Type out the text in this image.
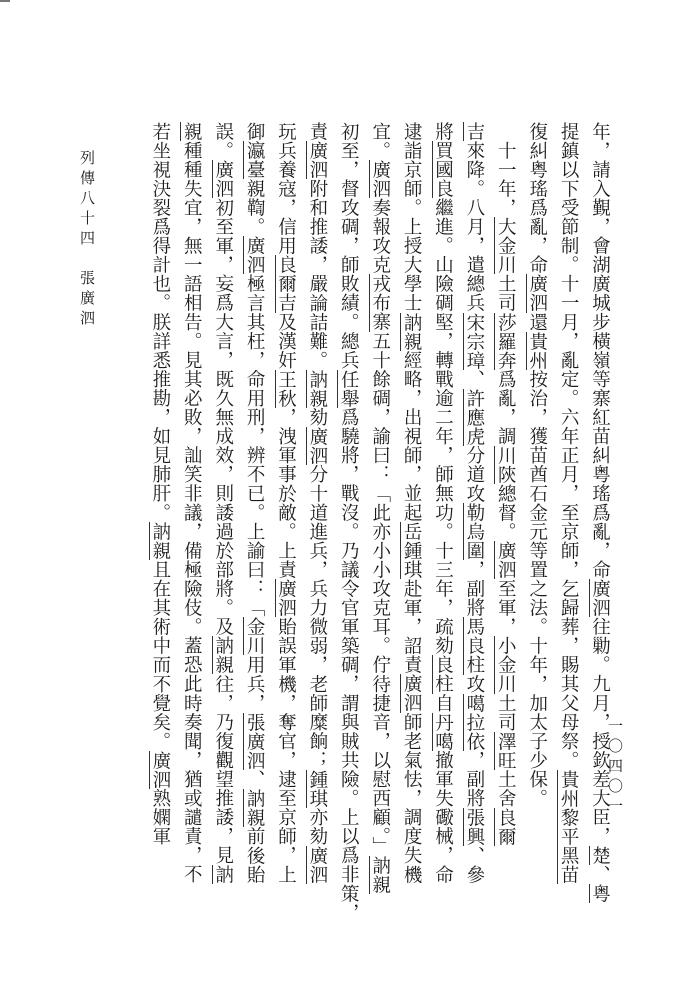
年，請入覲，會湖廣城步橫嶺等寨紅苗糾粤瑤爲亂，命廣泗往勦。九月，授欽差大臣，楚、粤
提鎮以下受節制。十一月，亂定。六年正月，至京師，乞歸葬，賜其父母祭。貴州黎平黑苗
復糾粤瑤爲亂，命廣泗還貴州按治，獲苗酋石金元等置之法。十年，加太子少保。
　十一年，大金川土司莎羅奔爲亂，調川陝總督。廣泗至軍，小金川土司澤旺土舍良爾
吉來降。八月，遣總兵宋宗璋、許應虎分道攻勒烏圍，副將馬良柱攻噶拉依，副將張興、參
將買國良繼進。山險碉堅，轉戰逾二年，師無功。十三年，疏劾良柱自丹噶撤軍失礮械，命
逮詣京師。上授大學士訥親經略，出視師，並起岳鍾琪赴軍，詔責廣泗師老氣怯，調度失機
宜。廣泗奏報攻克戎布寨五十餘碉，諭曰：「此亦小小攻克耳。佇待捷音，以慰西顧。」訥親
初至，督攻碉，師敗績。總兵任舉爲驍將，戰沒。乃議令官軍築碉，謂與賊共險。上以爲非策，
責廣泗附和推諉，嚴論詰難。訥親劾廣泗分十道進兵，兵力微弱，老師糜餉；鍾琪亦劾廣泗
玩兵養寇，信用良爾吉及漢奸王秋，洩軍事於敵。上責廣泗貽誤軍機，奪官，逮至京師，上
御瀛臺親鞫。廣泗極言其枉，命用刑，辨不已。上諭曰：「金川用兵，張廣泗、訥親前後貽
誤。廣泗初至軍，妄爲大言，既久無成效，則諉過於部將。及訥親往，乃復觀望推諉，見訥
親種種失宜，無一語相告。見其必敗，訕笑非議，備極險伎。蓋恐此時奏聞，猶或譴責，不
若坐視決裂爲得計也。朕詳悉推勘，如見肺肝。訥親且在其術中而不覺矣。廣泗熟嫻軍
列傳八十四　張廣泗
一〇四〇一
